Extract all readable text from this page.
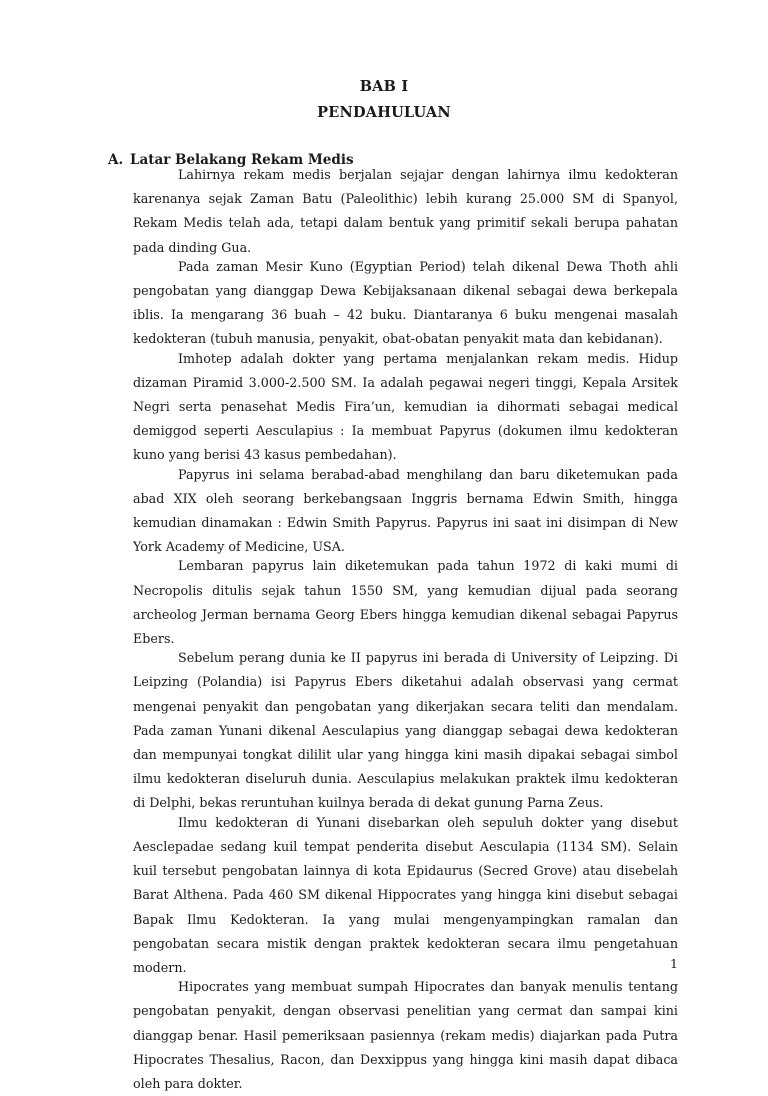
BAB I
PENDAHULUAN
A. Latar Belakang Rekam Medis

Lahirnya rekam medis berjalan sejajar dengan lahirnya ilmu kedokteran karenanya sejak Zaman Batu (Paleolithic) lebih kurang 25.000 SM di Spanyol, Rekam Medis telah ada, tetapi dalam bentuk yang primitif sekali berupa pahatan pada dinding Gua.

Pada zaman Mesir Kuno (Egyptian Period) telah dikenal Dewa Thoth ahli pengobatan yang dianggap Dewa Kebijaksanaan dikenal sebagai dewa berkepala iblis. Ia mengarang 36 buah – 42 buku. Diantaranya 6 buku mengenai masalah kedokteran (tubuh manusia, penyakit, obat-obatan penyakit mata dan kebidanan).

Imhotep adalah dokter yang pertama menjalankan rekam medis. Hidup dizaman Piramid 3.000-2.500 SM. Ia adalah pegawai negeri tinggi, Kepala Arsitek Negri serta penasehat Medis Fira’un, kemudian ia dihormati sebagai medical demiggod seperti Aesculapius : Ia membuat Papyrus (dokumen ilmu kedokteran kuno yang berisi 43 kasus pembedahan).

Papyrus ini selama berabad-abad menghilang dan baru diketemukan pada abad XIX oleh seorang berkebangsaan Inggris bernama Edwin Smith, hingga kemudian dinamakan : Edwin Smith Papyrus. Papyrus ini saat ini disimpan di New York Academy of Medicine, USA.

Lembaran papyrus lain diketemukan pada tahun 1972 di kaki mumi di Necropolis ditulis sejak tahun 1550 SM, yang kemudian dijual pada seorang archeolog Jerman bernama Georg Ebers hingga kemudian dikenal sebagai Papyrus Ebers.

Sebelum perang dunia ke II papyrus ini berada di University of Leipzing. Di Leipzing (Polandia) isi Papyrus Ebers diketahui adalah observasi yang cermat mengenai penyakit dan pengobatan yang dikerjakan secara teliti dan mendalam. Pada zaman Yunani dikenal Aesculapius yang dianggap sebagai dewa kedokteran dan mempunyai tongkat dililit ular yang hingga kini masih dipakai sebagai simbol ilmu kedokteran diseluruh dunia. Aesculapius melakukan praktek ilmu kedokteran di Delphi, bekas reruntuhan kuilnya berada di dekat gunung Parna Zeus.

Ilmu kedokteran di Yunani disebarkan oleh sepuluh dokter yang disebut Aesclepadae sedang kuil tempat penderita disebut Aesculapia (1134 SM). Selain kuil tersebut pengobatan lainnya di kota Epidaurus (Secred Grove) atau disebelah Barat Althena. Pada 460 SM dikenal Hippocrates yang hingga kini disebut sebagai Bapak Ilmu Kedokteran. Ia yang mulai mengenyampingkan ramalan dan pengobatan secara mistik dengan praktek kedokteran secara ilmu pengetahuan modern.

Hipocrates yang membuat sumpah Hipocrates dan banyak menulis tentang pengobatan penyakit, dengan observasi penelitian yang cermat dan sampai kini dianggap benar. Hasil pemeriksaan pasiennya (rekam medis) diajarkan pada Putra Hipocrates Thesalius, Racon, dan Dexxippus yang hingga kini masih dapat dibaca oleh para dokter.

1
